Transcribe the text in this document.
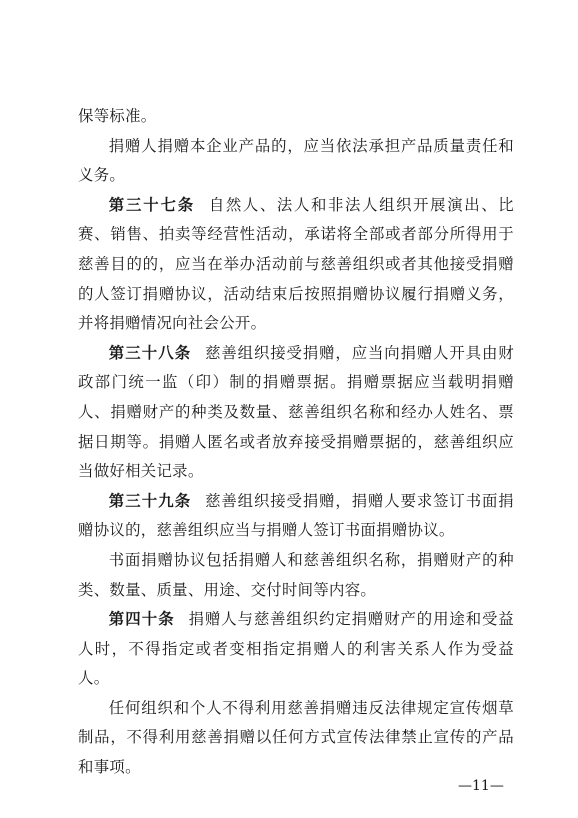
保等标准。

捐赠人捐赠本企业产品的，应当依法承担产品质量责任和义务。

第三十七条 自然人、法人和非法人组织开展演出、比赛、销售、拍卖等经营性活动，承诺将全部或者部分所得用于慈善目的的，应当在举办活动前与慈善组织或者其他接受捐赠的人签订捐赠协议，活动结束后按照捐赠协议履行捐赠义务，并将捐赠情况向社会公开。

第三十八条 慈善组织接受捐赠，应当向捐赠人开具由财政部门统一监（印）制的捐赠票据。捐赠票据应当载明捐赠人、捐赠财产的种类及数量、慈善组织名称和经办人姓名、票据日期等。捐赠人匿名或者放弃接受捐赠票据的，慈善组织应当做好相关记录。

第三十九条 慈善组织接受捐赠，捐赠人要求签订书面捐赠协议的，慈善组织应当与捐赠人签订书面捐赠协议。

书面捐赠协议包括捐赠人和慈善组织名称，捐赠财产的种类、数量、质量、用途、交付时间等内容。

第四十条 捐赠人与慈善组织约定捐赠财产的用途和受益人时，不得指定或者变相指定捐赠人的利害关系人作为受益人。

任何组织和个人不得利用慈善捐赠违反法律规定宣传烟草制品，不得利用慈善捐赠以任何方式宣传法律禁止宣传的产品和事项。

—11—
